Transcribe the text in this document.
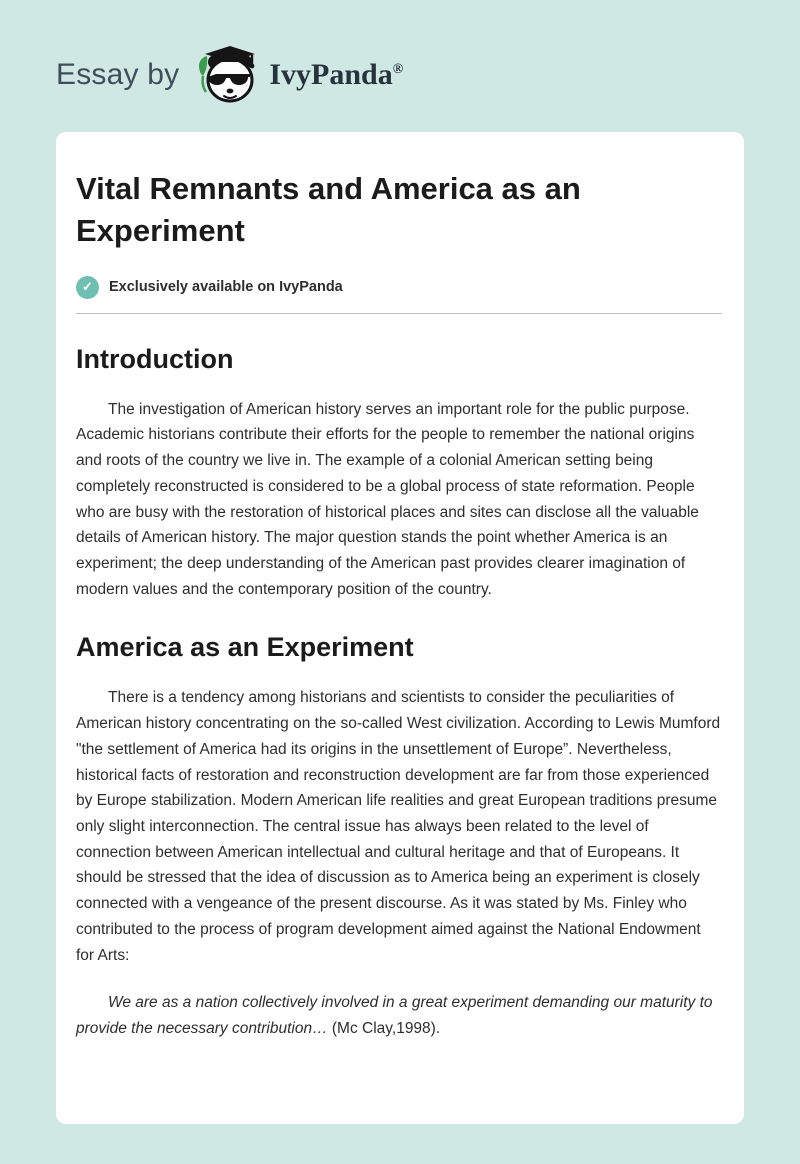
Essay by	IvyPanda®
Vital Remnants and America as an Experiment
✓	Exclusively available on IvyPanda
Introduction

The investigation of American history serves an important role for the public purpose. Academic historians contribute their efforts for the people to remember the national origins and roots of the country we live in. The example of a colonial American setting being completely reconstructed is considered to be a global process of state reformation. People who are busy with the restoration of historical places and sites can disclose all the valuable details of American history. The major question stands the point whether America is an experiment; the deep understanding of the American past provides clearer imagination of modern values and the contemporary position of the country.

America as an Experiment

There is a tendency among historians and scientists to consider the peculiarities of American history concentrating on the so-called West civilization. According to Lewis Mumford "the settlement of America had its origins in the unsettlement of Europe”. Nevertheless, historical facts of restoration and reconstruction development are far from those experienced by Europe stabilization. Modern American life realities and great European traditions presume only slight interconnection. The central issue has always been related to the level of connection between American intellectual and cultural heritage and that of Europeans. It should be stressed that the idea of discussion as to America being an experiment is closely connected with a vengeance of the present discourse. As it was stated by Ms. Finley who contributed to the process of program development aimed against the National Endowment for Arts:

We are as a nation collectively involved in a great experiment demanding our maturity to provide the necessary contribution… (Mc Clay,1998).
